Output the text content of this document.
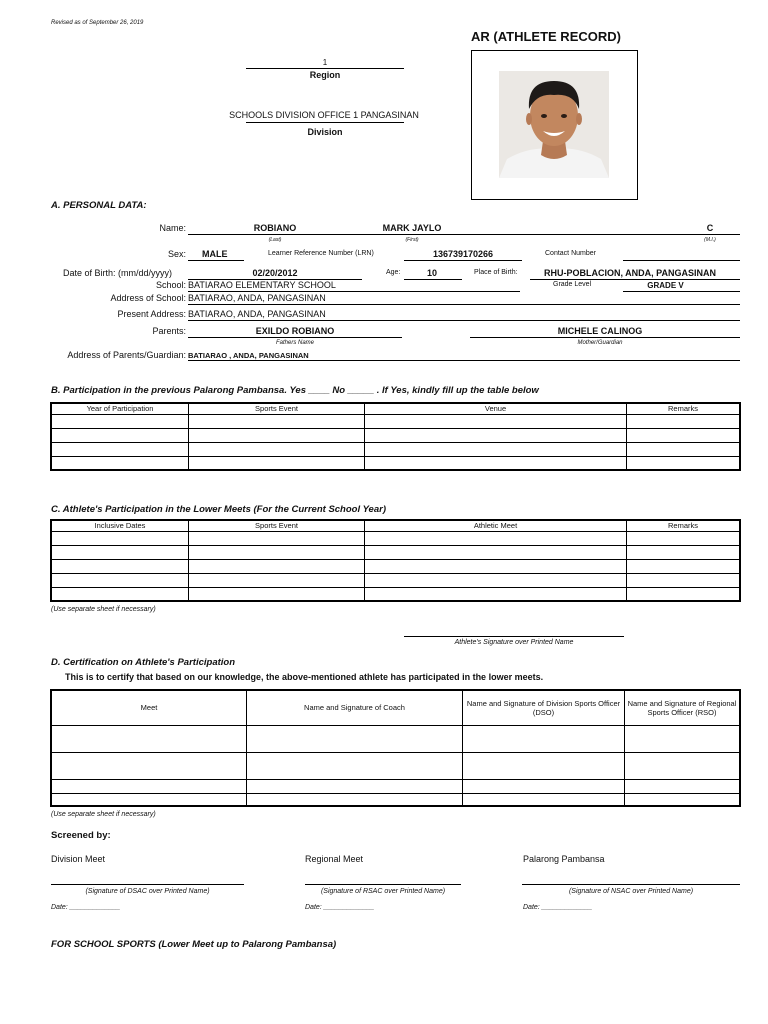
Revised as of September 26, 2019
AR (ATHLETE RECORD)
1
Region
SCHOOLS DIVISION OFFICE 1 PANGASINAN
Division
A. PERSONAL DATA:
Name:	ROBIANO	MARK JAYLO	C
(Last)	(First)	(M.I.)
Sex: MALE	Learner Reference Number (LRN)	136739170266	Contact Number
Date of Birth: (mm/dd/yyyy)	02/20/2012	Age:	10	Place of Birth:	RHU-POBLACION, ANDA, PANGASINAN
School: BATIARAO ELEMENTARY SCHOOL	Grade Level	GRADE V
Address of School: BATIARAO, ANDA, PANGASINAN
Present Address: BATIARAO, ANDA, PANGASINAN
Parents:	EXILDO ROBIANO	MICHELE CALINOG
Fathers Name	Mother/Guardian
Address of Parents/Guardian: BATIARAO , ANDA, PANGASINAN
B. Participation in the previous Palarong Pambansa. Yes ____ No _____ . If Yes, kindly fill up the table below
Year of Participation	Sports Event	Venue	Remarks

C. Athlete's Participation in the Lower Meets (For the Current School Year)
Inclusive Dates	Sports Event	Athletic Meet	Remarks

(Use separate sheet if necessary)
Athlete's Signature over Printed Name
D. Certification on Athlete's Participation
This is to certify that based on our knowledge, the above-mentioned athlete has participated in the lower meets.
Meet	Name and Signature of Coach	Name and Signature of Division Sports Officer (DSO)	Name and Signature of Regional Sports Officer (RSO)

(Use separate sheet if necessary)
Screened by:
Division Meet	Regional Meet	Palarong Pambansa
(Signature of DSAC over Printed Name)	(Signature of RSAC over Printed Name)	(Signature of NSAC over Printed Name)
Date: _____________	Date: _____________	Date: _____________
FOR SCHOOL SPORTS (Lower Meet up to Palarong Pambansa)
